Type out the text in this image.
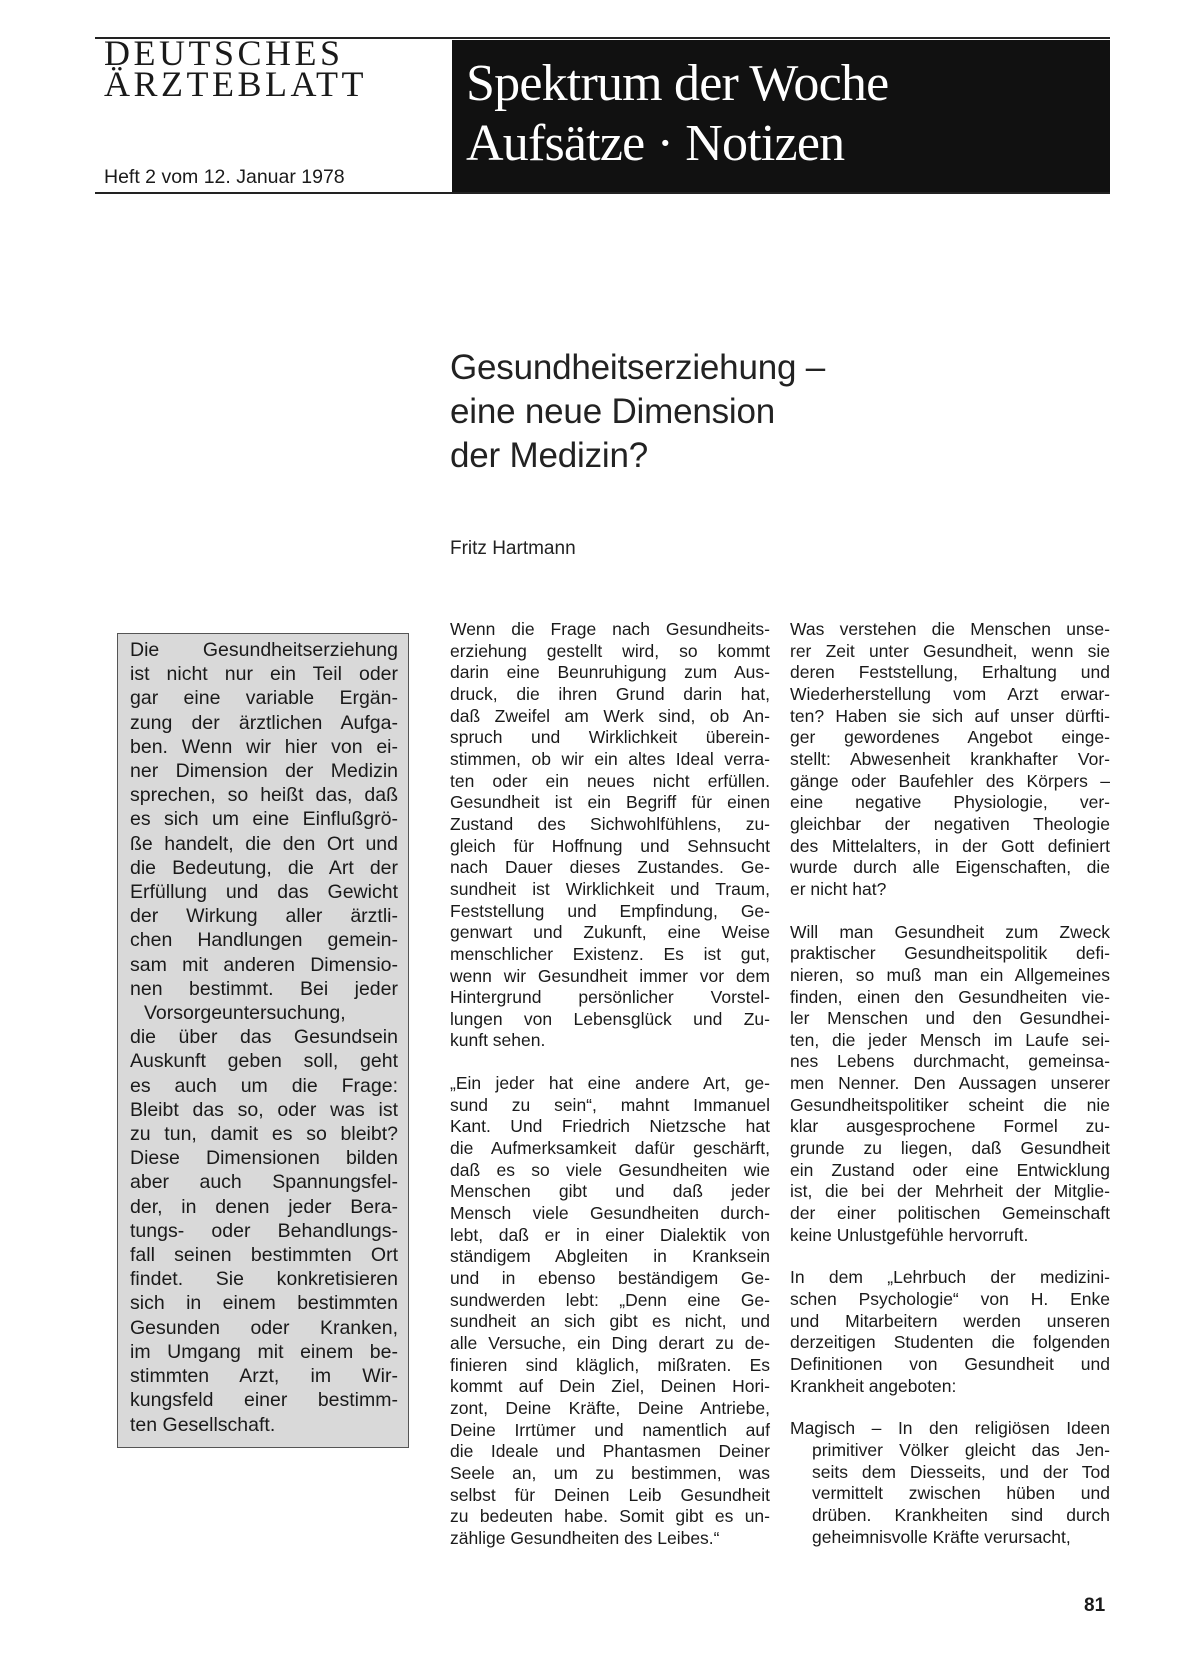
DEUTSCHES
ÄRZTEBLATT
Heft 2 vom 12. Januar 1978
Spektrum der Woche
Aufsätze · Notizen
Gesundheitserziehung –
eine neue Dimension
der Medizin?
Fritz Hartmann
Die Gesundheitserziehung
ist nicht nur ein Teil oder
gar eine variable Ergän-
zung der ärztlichen Aufga-
ben. Wenn wir hier von ei-
ner Dimension der Medizin
sprechen, so heißt das, daß
es sich um eine Einflußgrö-
ße handelt, die den Ort und
die Bedeutung, die Art der
Erfüllung und das Gewicht
der Wirkung aller ärztli-
chen Handlungen gemein-
sam mit anderen Dimensio-
nen bestimmt. Bei jeder
Vorsorgeuntersuchung,
die über das Gesundsein
Auskunft geben soll, geht
es auch um die Frage:
Bleibt das so, oder was ist
zu tun, damit es so bleibt?
Diese Dimensionen bilden
aber auch Spannungsfel-
der, in denen jeder Bera-
tungs- oder Behandlungs-
fall seinen bestimmten Ort
findet. Sie konkretisieren
sich in einem bestimmten
Gesunden oder Kranken,
im Umgang mit einem be-
stimmten Arzt, im Wir-
kungsfeld einer bestimm-
ten Gesellschaft.
Wenn die Frage nach Gesundheits-
erziehung gestellt wird, so kommt
darin eine Beunruhigung zum Aus-
druck, die ihren Grund darin hat,
daß Zweifel am Werk sind, ob An-
spruch und Wirklichkeit überein-
stimmen, ob wir ein altes Ideal verra-
ten oder ein neues nicht erfüllen.
Gesundheit ist ein Begriff für einen
Zustand des Sichwohlfühlens, zu-
gleich für Hoffnung und Sehnsucht
nach Dauer dieses Zustandes. Ge-
sundheit ist Wirklichkeit und Traum,
Feststellung und Empfindung, Ge-
genwart und Zukunft, eine Weise
menschlicher Existenz. Es ist gut,
wenn wir Gesundheit immer vor dem
Hintergrund persönlicher Vorstel-
lungen von Lebensglück und Zu-
kunft sehen.
„Ein jeder hat eine andere Art, ge-
sund zu sein“, mahnt Immanuel
Kant. Und Friedrich Nietzsche hat
die Aufmerksamkeit dafür geschärft,
daß es so viele Gesundheiten wie
Menschen gibt und daß jeder
Mensch viele Gesundheiten durch-
lebt, daß er in einer Dialektik von
ständigem Abgleiten in Kranksein
und in ebenso beständigem Ge-
sundwerden lebt: „Denn eine Ge-
sundheit an sich gibt es nicht, und
alle Versuche, ein Ding derart zu de-
finieren sind kläglich, mißraten. Es
kommt auf Dein Ziel, Deinen Hori-
zont, Deine Kräfte, Deine Antriebe,
Deine Irrtümer und namentlich auf
die Ideale und Phantasmen Deiner
Seele an, um zu bestimmen, was
selbst für Deinen Leib Gesundheit
zu bedeuten habe. Somit gibt es un-
zählige Gesundheiten des Leibes.“
Was verstehen die Menschen unse-
rer Zeit unter Gesundheit, wenn sie
deren Feststellung, Erhaltung und
Wiederherstellung vom Arzt erwar-
ten? Haben sie sich auf unser dürfti-
ger gewordenes Angebot einge-
stellt: Abwesenheit krankhafter Vor-
gänge oder Baufehler des Körpers –
eine negative Physiologie, ver-
gleichbar der negativen Theologie
des Mittelalters, in der Gott definiert
wurde durch alle Eigenschaften, die
er nicht hat?
Will man Gesundheit zum Zweck
praktischer Gesundheitspolitik defi-
nieren, so muß man ein Allgemeines
finden, einen den Gesundheiten vie-
ler Menschen und den Gesundhei-
ten, die jeder Mensch im Laufe sei-
nes Lebens durchmacht, gemeinsa-
men Nenner. Den Aussagen unserer
Gesundheitspolitiker scheint die nie
klar ausgesprochene Formel zu-
grunde zu liegen, daß Gesundheit
ein Zustand oder eine Entwicklung
ist, die bei der Mehrheit der Mitglie-
der einer politischen Gemeinschaft
keine Unlustgefühle hervorruft.
In dem „Lehrbuch der medizini-
schen Psychologie“ von H. Enke
und Mitarbeitern werden unseren
derzeitigen Studenten die folgenden
Definitionen von Gesundheit und
Krankheit angeboten:
Magisch – In den religiösen Ideen
primitiver Völker gleicht das Jen-
seits dem Diesseits, und der Tod
vermittelt zwischen hüben und
drüben. Krankheiten sind durch
geheimnisvolle Kräfte verursacht,
81
